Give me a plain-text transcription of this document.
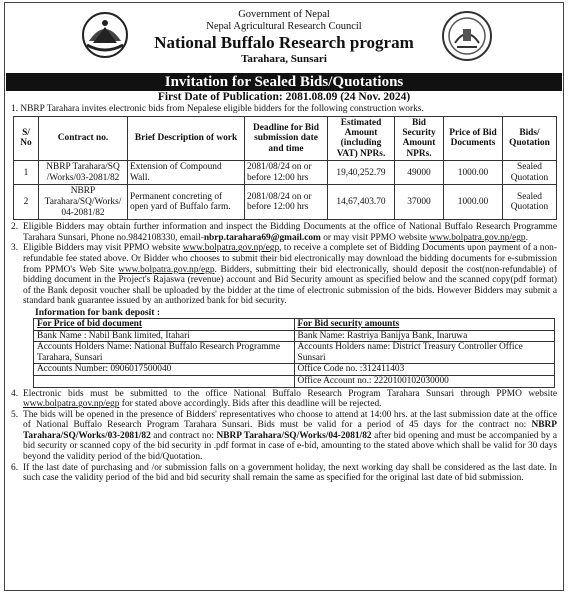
Government of Nepal
Nepal Agricultural Research Council
National Buffalo Research program
Tarahara, Sunsari
Invitation for Sealed Bids/Quotations
First Date of Publication: 2081.08.09 (24 Nov. 2024)

1. NBRP Tarahara invites electronic bids from Nepalese eligible bidders for the following construction works.

S/ No	Contract no.	Brief Description of work	Deadline for Bid submission date and time	Estimated Amount (including VAT) NPRs.	Bid Security Amount NPRs.	Price of Bid Documents	Bids/ Quotation
1	NBRP Tarahara/SQ /Works/03-2081/82	Extension of Compound Wall.	2081/08/24 on or before 12:00 hrs	19,40,252.79	49000	1000.00	Sealed Quotation
2	NBRP Tarahara/SQ/Works/ 04-2081/82	Permanent concreting of open yard of Buffalo farm.	2081/08/24 on or before 12:00 hrs	14,67,403.70	37000	1000.00	Sealed Quotation

2. Eligible Bidders may obtain further information and inspect the Bidding Documents at the office of National Buffalo Research Programme Tarahara Sunsari, Phone no.9842108330, email-nbrp.tarahara69@gmail.com or may visit PPMO website www.bolpatra.gov.np/egp.

3. Eligible Bidders may visit PPMO website www.bolpatra.gov.np/egp, to receive a complete set of Bidding Documents upon payment of a non-refundable fee stated above. Or Bidder who chooses to submit their bid electronically may download the bidding documents for e-submission from PPMO's Web Site www.bolpatra.gov.np/egp. Bidders, submitting their bid electronically, should deposit the cost(non-refundable) of bidding document in the Project's Rajaswa (revenue) account and Bid Security amount as specified below and the scanned copy(pdf format) of the Bank deposit voucher shall be uploaded by the bidder at the time of electronic submission of the bids. However Bidders may submit a standard bank guarantee issued by an authorized bank for bid security.

Information for bank deposit :
For Price of bid document	For Bid security amounts
Bank Name : Nabil Bank limited, Itahari	Bank Name: Rastriya Banijya Bank, Inaruwa
Accounts Holders Name: National Buffalo Research Programme Tarahara, Sunsari	Accounts Holders name: District Treasury Controller Office Sunsari
Accounts Number: 0906017500040	Office Code no. :312411403
	Office Account no.: 2220100102030000

4. Electronic bids must be submitted to the office National Buffalo Research Program Tarahara Sunsari through PPMO website www.bolpatra.gov.np/egp for stated above accordingly. Bids after this deadline will be rejected.

5. The bids will be opened in the presence of Bidders' representatives who choose to attend at 14:00 hrs. at the last submission date at the office of National Buffalo Research Program Tarahara Sunsari. Bids must be valid for a period of 45 days for the contract no: NBRP Tarahara/SQ/Works/03-2081/82 and contract no: NBRP Tarahara/SQ/Works/04-2081/82 after bid opening and must be accompanied by a bid security or scanned copy of the bid security in .pdf format in case of e-bid, amounting to the stated above which shall be valid for 30 days beyond the validity period of the bid/Quotation.

6. If the last date of purchasing and /or submission falls on a government holiday, the next working day shall be considered as the last date. In such case the validity period of the bid and bid security shall remain the same as specified for the original last date of bid submission.
